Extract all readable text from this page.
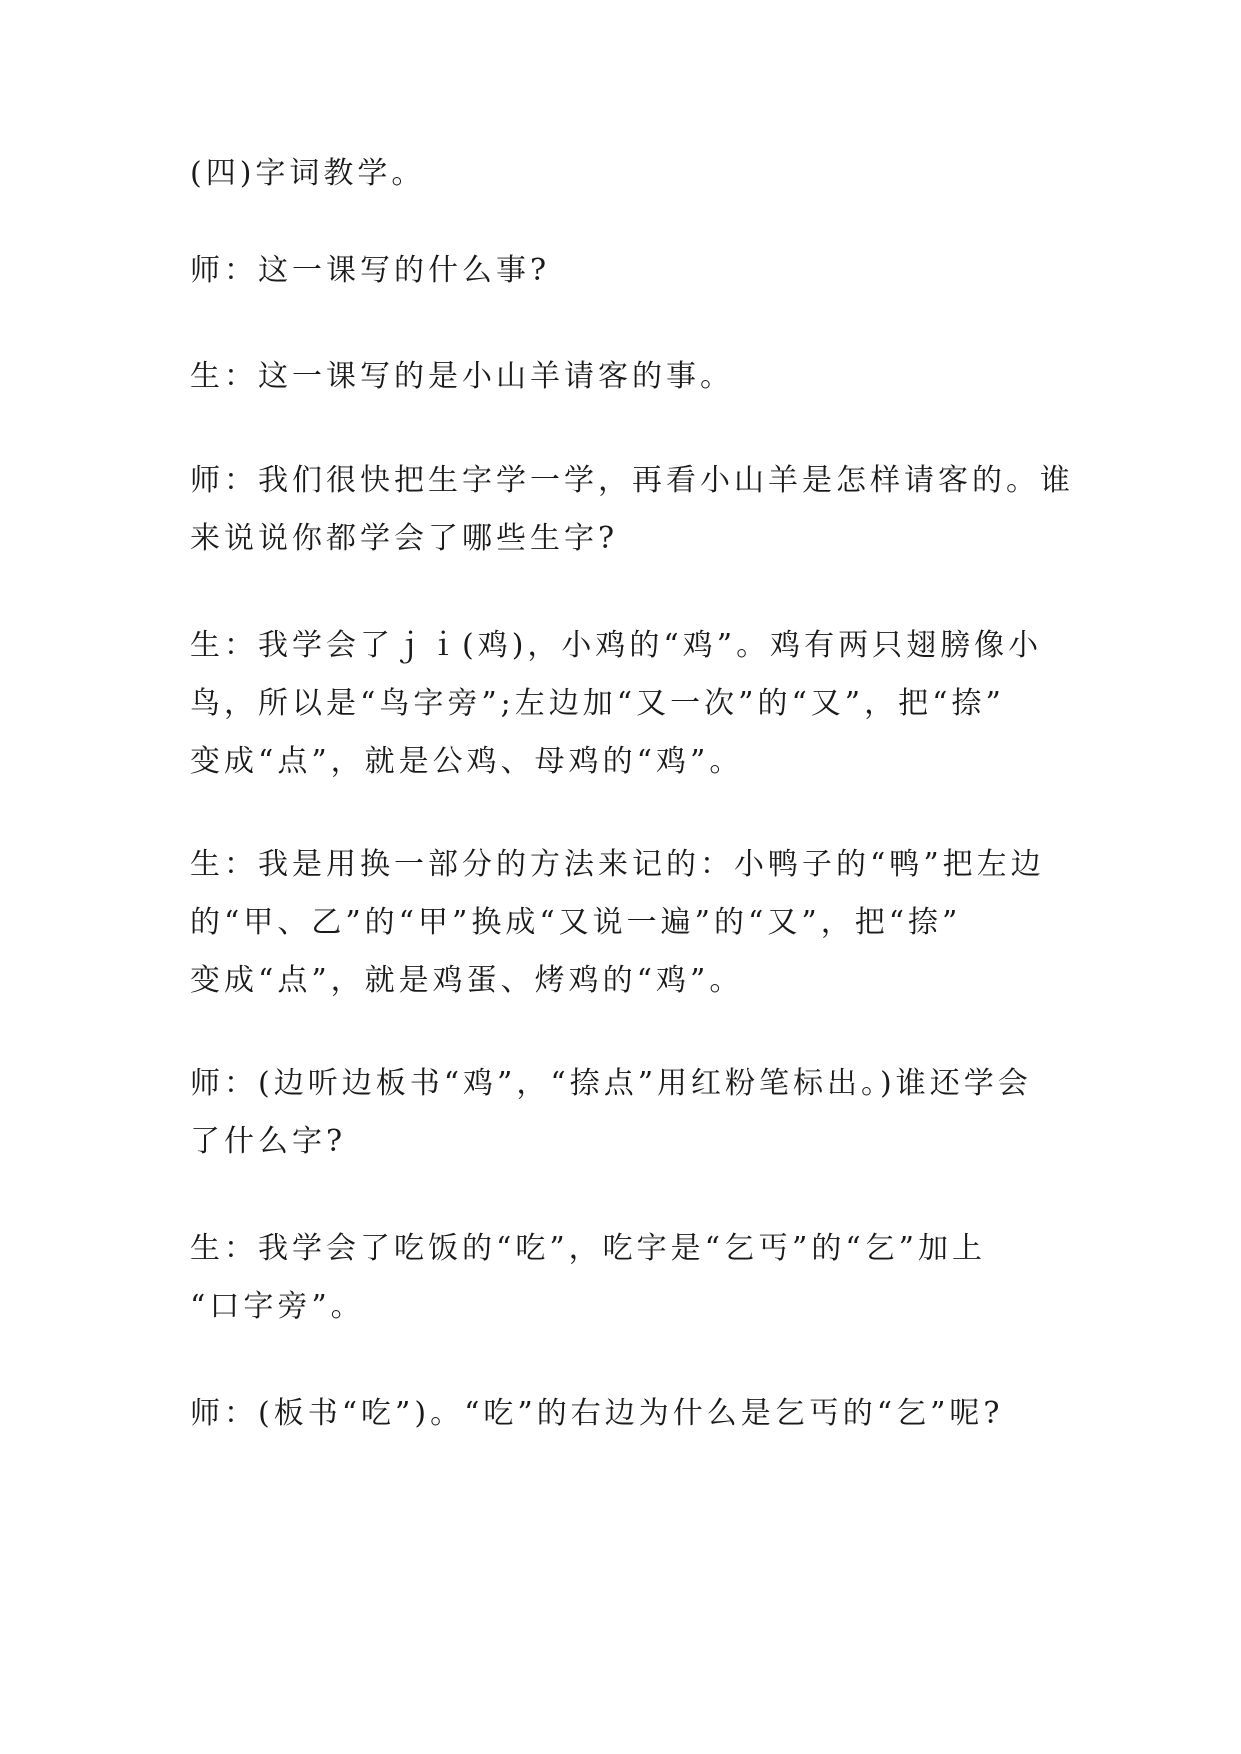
(四)字词教学。
师：这一课写的什么事?
生：这一课写的是小山羊请客的事。
师：我们很快把生字学一学，再看小山羊是怎样请客的。谁
来说说你都学会了哪些生字?
生：我学会了ｊｉ(鸡)，小鸡的“鸡”。鸡有两只翅膀像小
鸟，所以是“鸟字旁”;左边加“又一次”的“又”，把“捺”
变成“点”，就是公鸡、母鸡的“鸡”。
生：我是用换一部分的方法来记的：小鸭子的“鸭”把左边
的“甲、乙”的“甲”换成“又说一遍”的“又”，把“捺”
变成“点”，就是鸡蛋、烤鸡的“鸡”。
师：(边听边板书“鸡”，“捺点”用红粉笔标出。)谁还学会
了什么字?
生：我学会了吃饭的“吃”，吃字是“乞丐”的“乞”加上
“口字旁”。
师：(板书“吃”)。“吃”的右边为什么是乞丐的“乞”呢?
